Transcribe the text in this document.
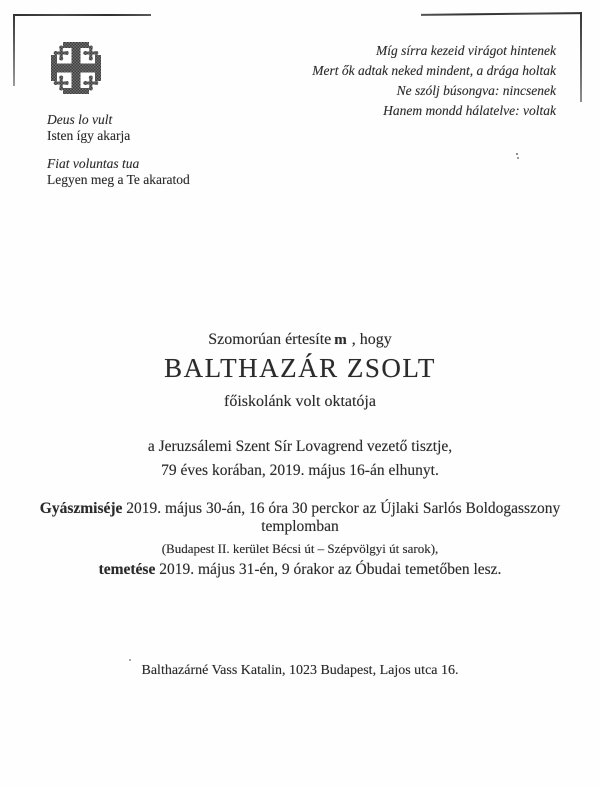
Míg sírra kezeid virágot hintenek
Mert ők adtak neked mindent, a drága holtak
Ne szólj búsongva: nincsenek
Hanem mondd hálatelve: voltak
Deus lo vult
Isten így akarja
Fiat voluntas tua
Legyen meg a Te akaratod
Szomorúan értesíte m , hogy
BALTHAZÁR ZSOLT
főiskolánk volt oktatója
a Jeruzsálemi Szent Sír Lovagrend vezető tisztje,
79 éves korában, 2019. május 16-án elhunyt.
Gyászmiséje 2019. május 30-án, 16 óra 30 perckor az Újlaki Sarlós Boldogasszony templomban
(Budapest II. kerület Bécsi út – Szépvölgyi út sarok),
temetése 2019. május 31-én, 9 órakor az Óbudai temetőben lesz.
Balthazárné Vass Katalin, 1023 Budapest, Lajos utca 16.
